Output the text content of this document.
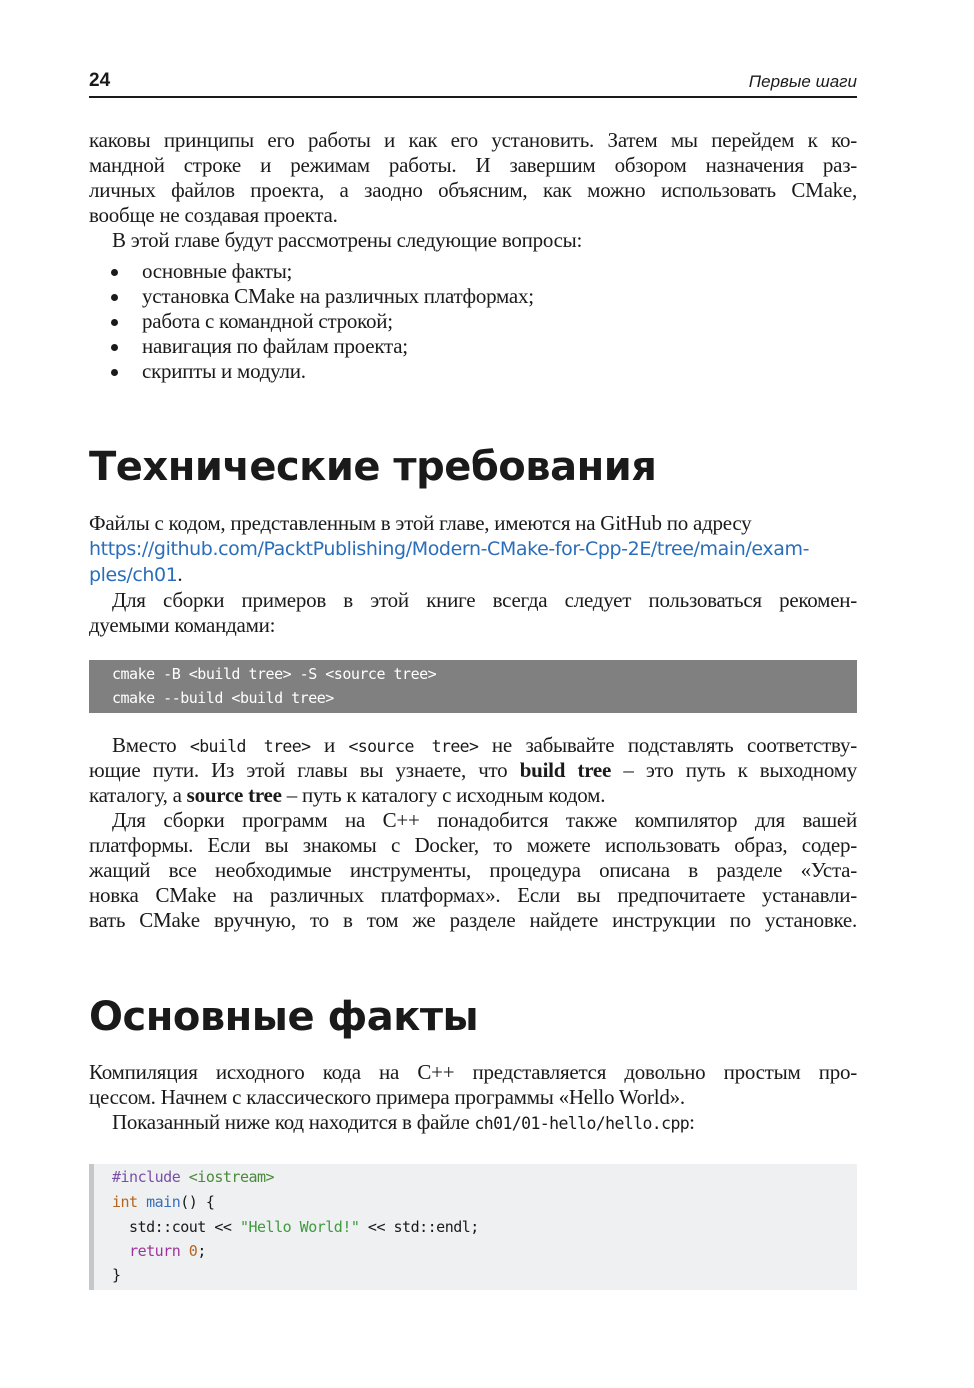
24	Первые шаги

каковы принципы его работы и как его установить. Затем мы перейдем к ко-
мандной строке и режимам работы. И завершим обзором назначения раз-
личных файлов проекта, а заодно объясним, как можно использовать CMake,
вообще не создавая проекта.
В этой главе будут рассмотрены следующие вопросы:

основные факты;
установка CMake на различных платформах;
работа с командной строкой;
навигация по файлам проекта;
скрипты и модули.
Технические требования

Файлы с кодом, представленным в этой главе, имеются на GitHub по адресу
https://github.com/PacktPublishing/Modern-CMake-for-Cpp-2E/tree/main/exam-
ples/ch01.
Для сборки примеров в этой книге всегда следует пользоваться рекомен-
дуемыми командами:

cmake -B <build tree> -S <source tree>
cmake --build <build tree>

Вместо <build tree> и <source tree> не забывайте подставлять соответству-
ющие пути. Из этой главы вы узнаете, что build tree – это путь к выходному
каталогу, а source tree – путь к каталогу с исходным кодом.
Для сборки программ на C++ понадобится также компилятор для вашей
платформы. Если вы знакомы с Docker, то можете использовать образ, содер-
жащий все необходимые инструменты, процедура описана в разделе «Уста-
новка CMake на различных платформах». Если вы предпочитаете устанавли-
вать CMake вручную, то в том же разделе найдете инструкции по установке.

Основные факты

Компиляция исходного кода на C++ представляется довольно простым про-
цессом. Начнем с классического примера программы «Hello World».
Показанный ниже код находится в файле ch01/01-hello/hello.cpp:

#include <iostream>
int main() {
std::cout << "Hello World!" << std::endl;
return 0;
}
